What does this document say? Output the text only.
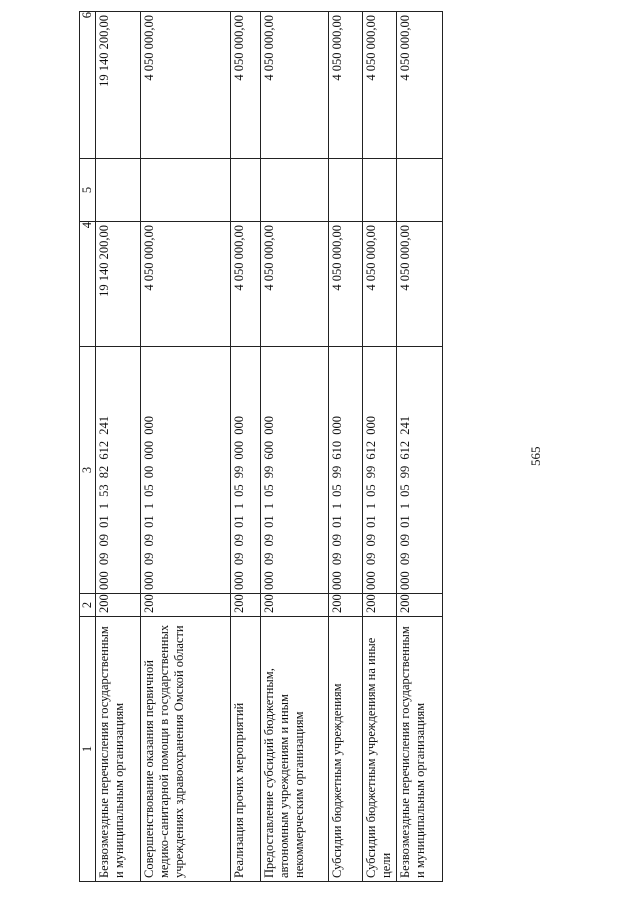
565
1	2	3	4	5	6
Безвозмездные перечисления государственным и муниципальным организациям	200	000 09 09 01 1 53 82 612 241	19 140 200,00		19 140 200,00
Совершенствование оказания первичной медико-санитарной помощи в государственных учреждениях здравоохранения Омской области	200	000 09 09 01 1 05 00 000 000	4 050 000,00		4 050 000,00
Реализация прочих мероприятий	200	000 09 09 01 1 05 99 000 000	4 050 000,00		4 050 000,00
Предоставление субсидий бюджетным, автономным учреждениям и иным некоммерческим организациям	200	000 09 09 01 1 05 99 600 000	4 050 000,00		4 050 000,00
Субсидии бюджетным учреждениям	200	000 09 09 01 1 05 99 610 000	4 050 000,00		4 050 000,00
Субсидии бюджетным учреждениям на иные цели	200	000 09 09 01 1 05 99 612 000	4 050 000,00		4 050 000,00
Безвозмездные перечисления государственным и муниципальным организациям	200	000 09 09 01 1 05 99 612 241	4 050 000,00		4 050 000,00
